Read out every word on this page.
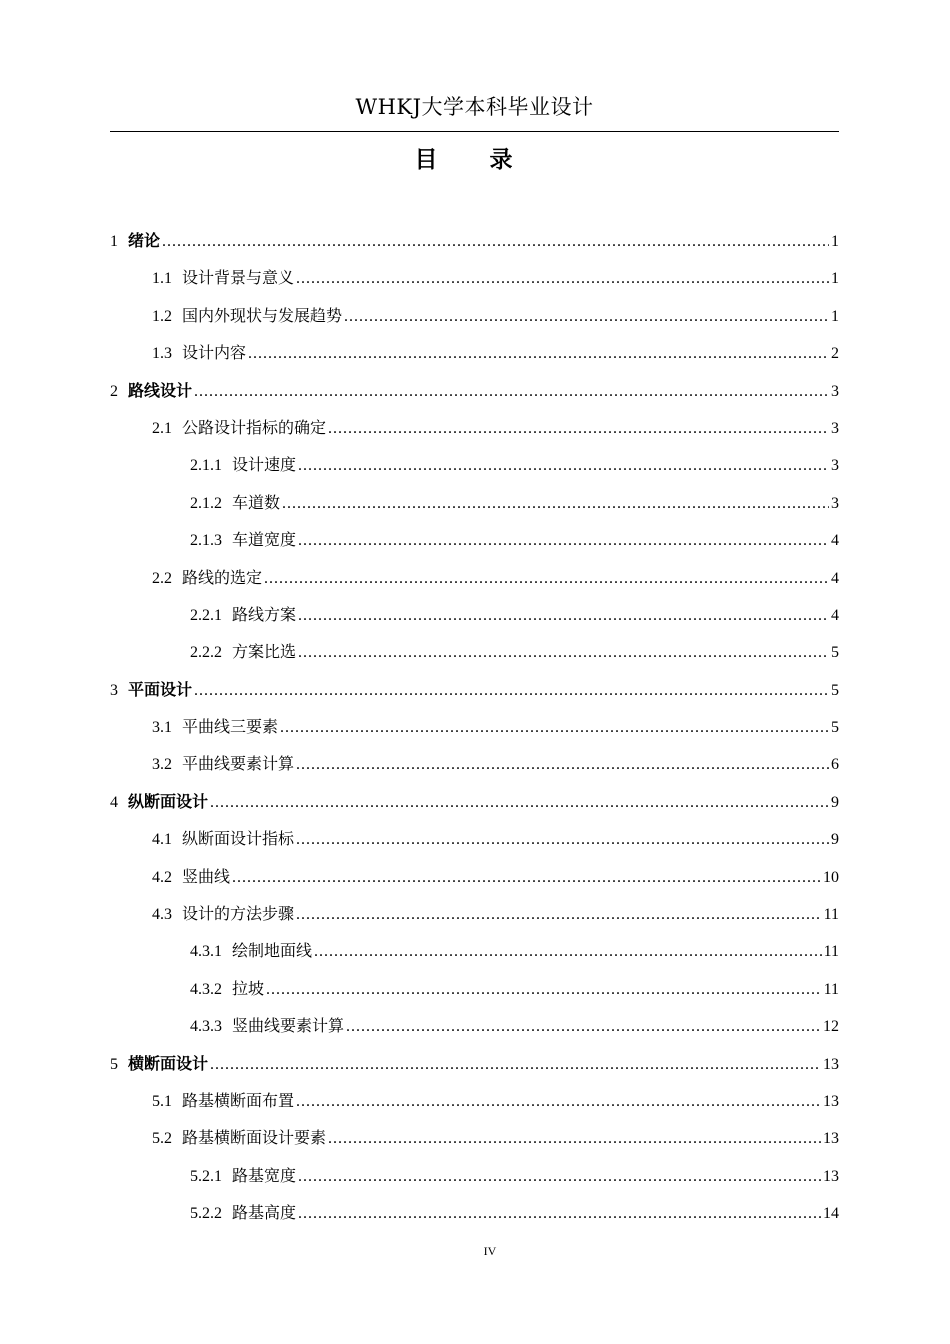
WHKJ大学本科毕业设计
目 录
1 绪论 .....	1
1.1 设计背景与意义 .....	1
1.2 国内外现状与发展趋势 .....	1
1.3 设计内容 .....	2
2 路线设计 .....	3
2.1 公路设计指标的确定 .....	3
2.1.1 设计速度 .....	3
2.1.2 车道数 .....	3
2.1.3 车道宽度 .....	4
2.2 路线的选定 .....	4
2.2.1 路线方案 .....	4
2.2.2 方案比选 .....	5
3 平面设计 .....	5
3.1 平曲线三要素 .....	5
3.2 平曲线要素计算 .....	6
4 纵断面设计 .....	9
4.1 纵断面设计指标 .....	9
4.2 竖曲线 .....	10
4.3 设计的方法步骤 .....	11
4.3.1 绘制地面线 .....	11
4.3.2 拉坡 .....	11
4.3.3 竖曲线要素计算 .....	12
5 横断面设计 .....	13
5.1 路基横断面布置 .....	13
5.2 路基横断面设计要素 .....	13
5.2.1 路基宽度 .....	13
5.2.2 路基高度 .....	14
IV
